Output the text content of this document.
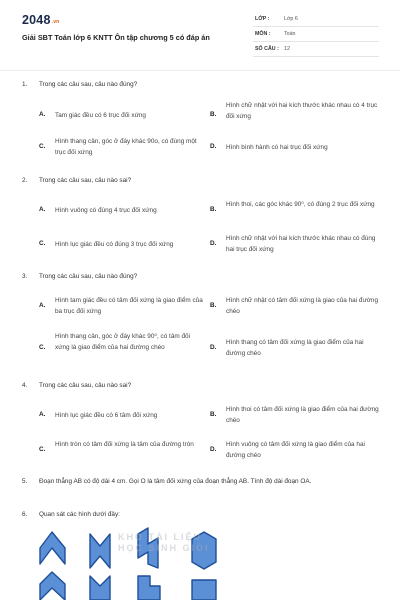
$2048^{.vn}$
Giải SBT Toán lớp 6 KNTT Ôn tập chương 5 có đáp án
LỚP :	Lớp 6
MÔN :	Toán
SỐ CÂU : 12
1. Trong các câu sau, câu nào đúng?
A. Tam giác đều có 6 trục đối xứng	B.
Hình chữ nhật với hai kích thước khác nhau có 4 trục đối xứng
C.
Hình thang cân, góc ở đáy khác 90o, có đúng một trục đối xứng
D. Hình bình hành có hai trục đối xứng
2. Trong các câu sau, câu nào sai?
A. Hình vuông có đúng 4 trục đối xứng	B.
Hình thoi, các góc khác 90⁰, có đúng 2 trục đối xứng
C. Hình lục giác đều có đúng 3 trục đối xứng	D.
Hình chữ nhật với hai kích thước khác nhau có đúng hai trục đối xứng
3. Trong các câu sau, câu nào đúng?
A.
Hình tam giác đều có tâm đối xứng là giao điểm của ba trục đối xứng
B.
Hình chữ nhật có tâm đối xứng là giao của hai đường chéo
C.
Hình thang cân, góc ở đáy khác 90⁰, có tâm đối xứng là giao điểm của hai đường chéo	D.
Hình thang có tâm đối xứng là giao điểm của hai đường chéo
4. Trong các câu sau, câu nào sai?
A. Hình lục giác đều có 6 tâm đối xứng	B.
Hình thoi có tâm đối xứng là giao điểm của hai đường chéo
C.
Hình tròn có tâm đối xứng là tâm của đường tròn
D.
Hình vuông có tâm đối xứng là giao điểm của hai đường chéo
5. Đoạn thẳng AB có độ dài 4 cm. Gọi O là tâm đối xứng của đoạn thẳng AB. Tính độ dài đoạn OA.
6. Quan sát các hình dưới đây:
KHO TÀI LIỆU HỌC SINH GIỎI
